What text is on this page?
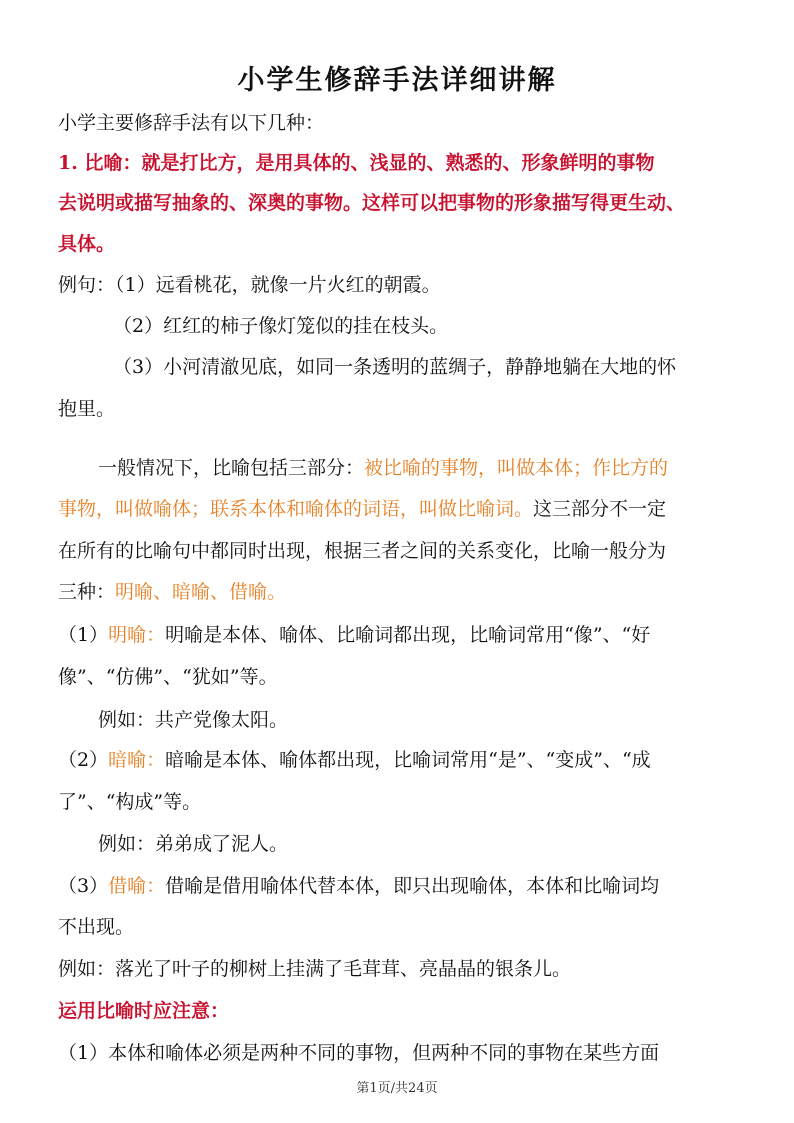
小学生修辞手法详细讲解
小学主要修辞手法有以下几种：
1. 比喻：就是打比方，是用具体的、浅显的、熟悉的、形象鲜明的事物
去说明或描写抽象的、深奥的事物。这样可以把事物的形象描写得更生动、
具体。
例句：（1）远看桃花，就像一片火红的朝霞。
（2）红红的柿子像灯笼似的挂在枝头。
（3）小河清澈见底，如同一条透明的蓝绸子，静静地躺在大地的怀
抱里。
一般情况下，比喻包括三部分：被比喻的事物，叫做本体；作比方的
事物，叫做喻体；联系本体和喻体的词语，叫做比喻词。这三部分不一定
在所有的比喻句中都同时出现，根据三者之间的关系变化，比喻一般分为
三种：明喻、暗喻、借喻。
（1）明喻：明喻是本体、喻体、比喻词都出现，比喻词常用“像”、“好
像”、“仿佛”、“犹如”等。
例如：共产党像太阳。
（2）暗喻：暗喻是本体、喻体都出现，比喻词常用“是”、“变成”、“成
了”、“构成”等。
例如：弟弟成了泥人。
（3）借喻：借喻是借用喻体代替本体，即只出现喻体，本体和比喻词均
不出现。
例如：落光了叶子的柳树上挂满了毛茸茸、亮晶晶的银条儿。
运用比喻时应注意：
（1）本体和喻体必须是两种不同的事物，但两种不同的事物在某些方面
第1页/共24页
